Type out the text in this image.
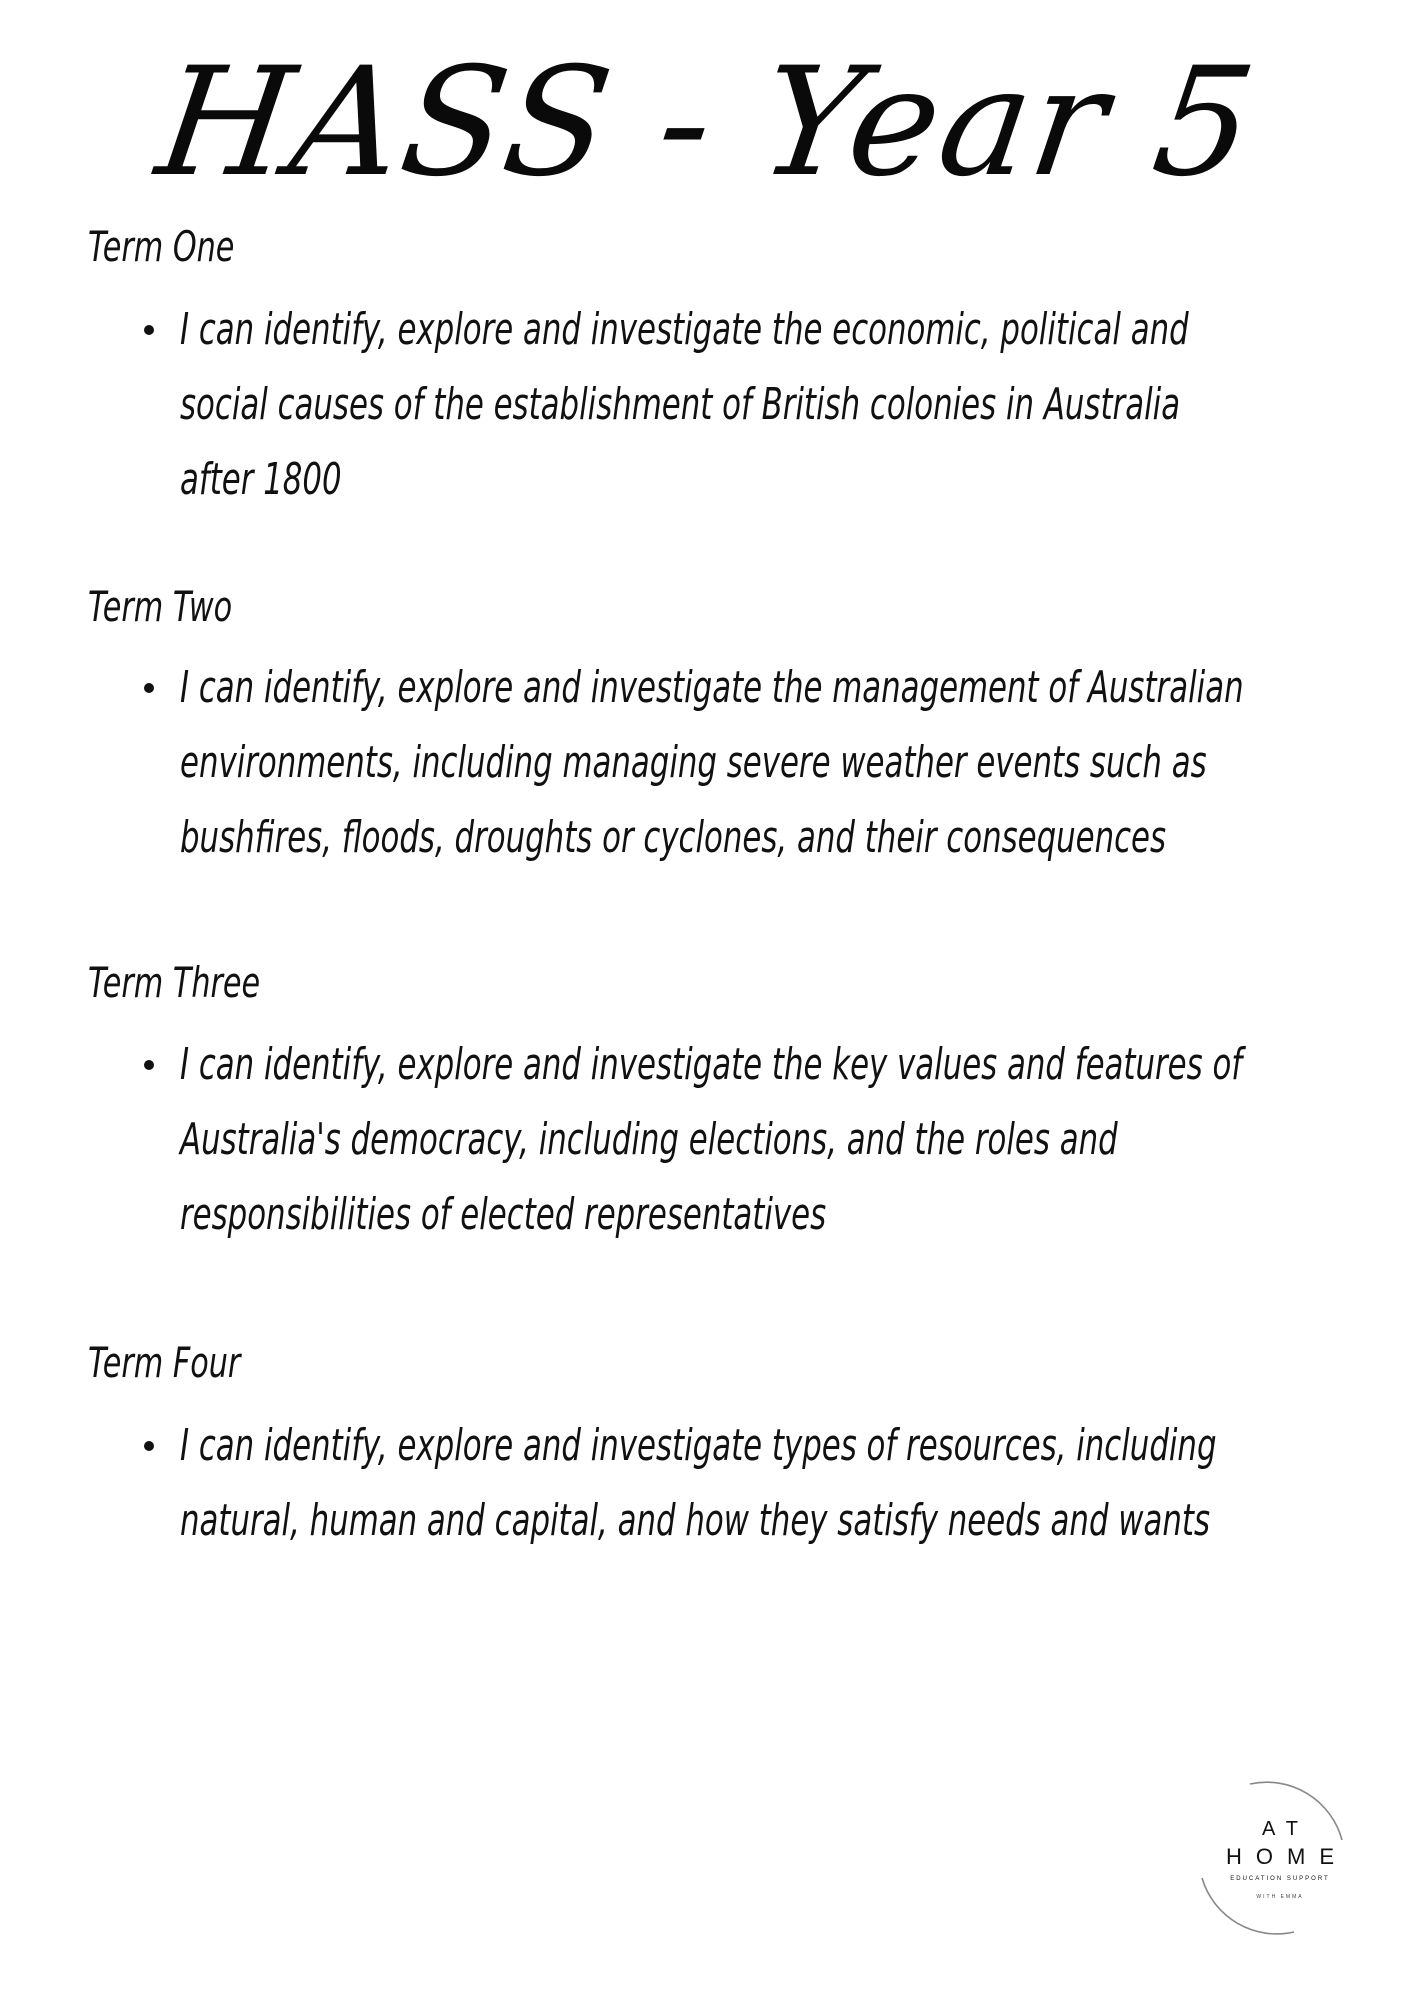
HASS - Year 5
Term One
I can identify, explore and investigate the economic, political and
social causes of the establishment of British colonies in Australia
after 1800
Term Two
I can identify, explore and investigate the management of Australian
environments, including managing severe weather events such as
bushfires, floods, droughts or cyclones, and their consequences
Term Three
I can identify, explore and investigate the key values and features of
Australia's democracy, including elections, and the roles and
responsibilities of elected representatives
Term Four
I can identify, explore and investigate types of resources, including
natural, human and capital, and how they satisfy needs and wants
AT
HOME
EDUCATION SUPPORT
WITH EMMA
